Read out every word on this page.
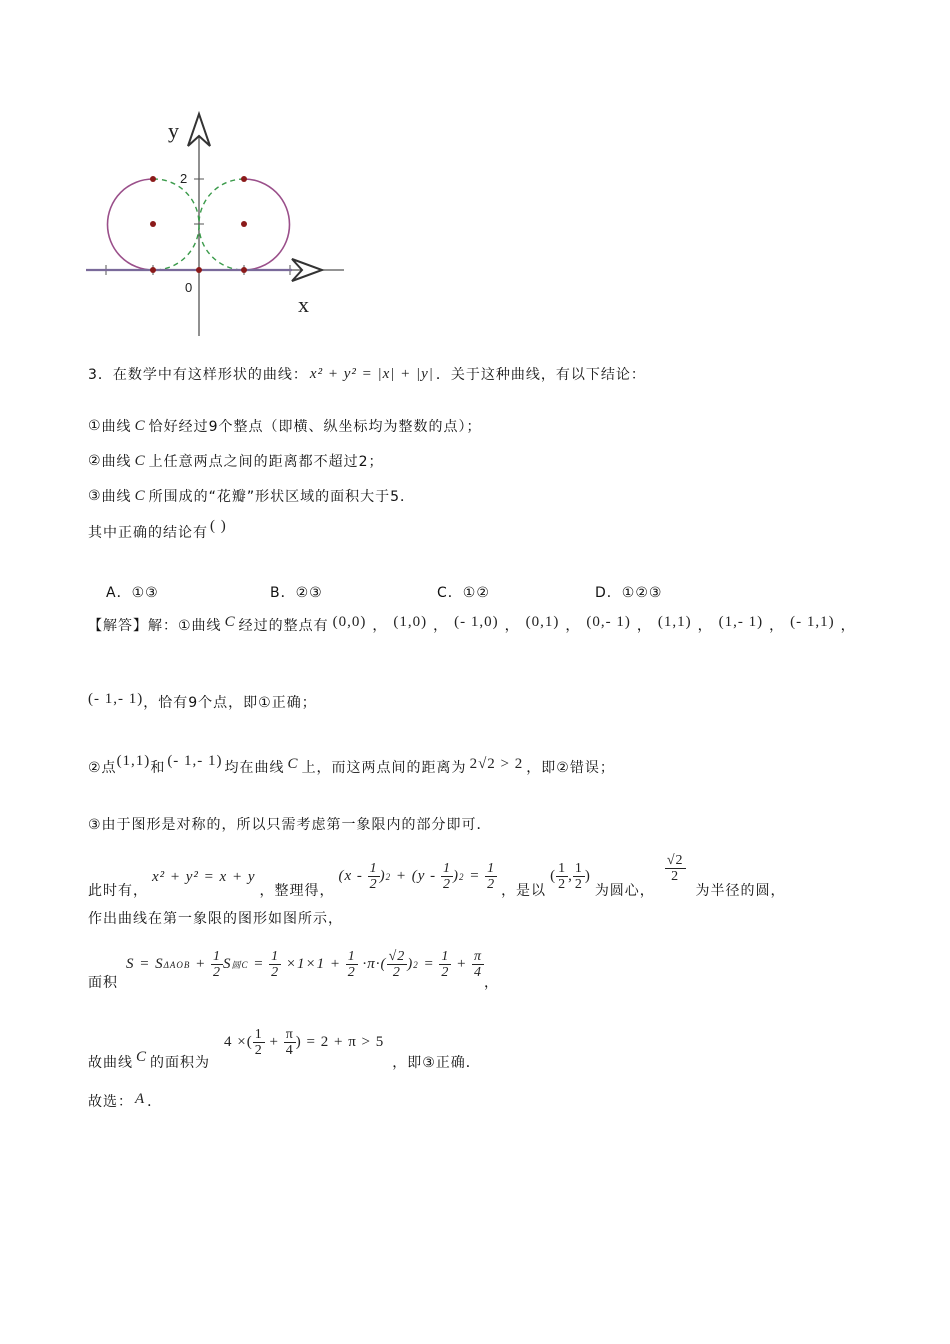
y
x
2
0
3． 在数学中有这样形状的曲线： x² + y² = |x| + |y| ．关于这种曲线，有以下结论：
① 曲线 C 恰好经过9个整点（即横、纵坐标均为整数的点）；
② 曲线 C 上任意两点之间的距离都不超过2；
③ 曲线 C 所围成的“花瓣”形状区域的面积大于5．
其中正确的结论有 ( )
A．①③	B．②③	C．①②	D．①②③
【解答】解：①曲线 C 经过的整点有 (0,0) ， (1,0) ， (- 1,0) ， (0,1) ， (0,- 1) ， (1,1) ， (1,- 1) ， (- 1,1) ，
(- 1,- 1) ，恰有9个点，即①正确；
②点 (1,1) 和 (- 1,- 1) 均在曲线 C 上，而这两点间的距离为 2√2 > 2 ，即②错误；
③由于图形是对称的，所以只需考虑第一象限内的部分即可．
此时有，
x² + y² = x + y
，整理得，
($x - \frac{1}{2}$ ) $2 + (y - \frac{1}{2}$ ) $2 = \frac{1}{2}$ ，是以
( $\frac{1}{2}$ , $\frac{1}{2}$ )
为圆心，
$\frac{√2}{2}$
为半径的圆，
作出曲线在第一象限的图形如图所示，
面积
S = S $\Delta AOB + \frac{1}{2}$ S 圆$C = \frac{1}{2} \times 1\times 1 + \frac{1}{2} \cdot\pi\cdot( \frac{√2}{2}$ ) $2 = \frac{1}{2} + \frac{\pi}{4}$
，
故曲线 C 的面积为
4 ×( $\frac{1}{2} + \frac{\pi}{4}$ ) = 2 + π > 5
，即③正确．
故选： A ．
